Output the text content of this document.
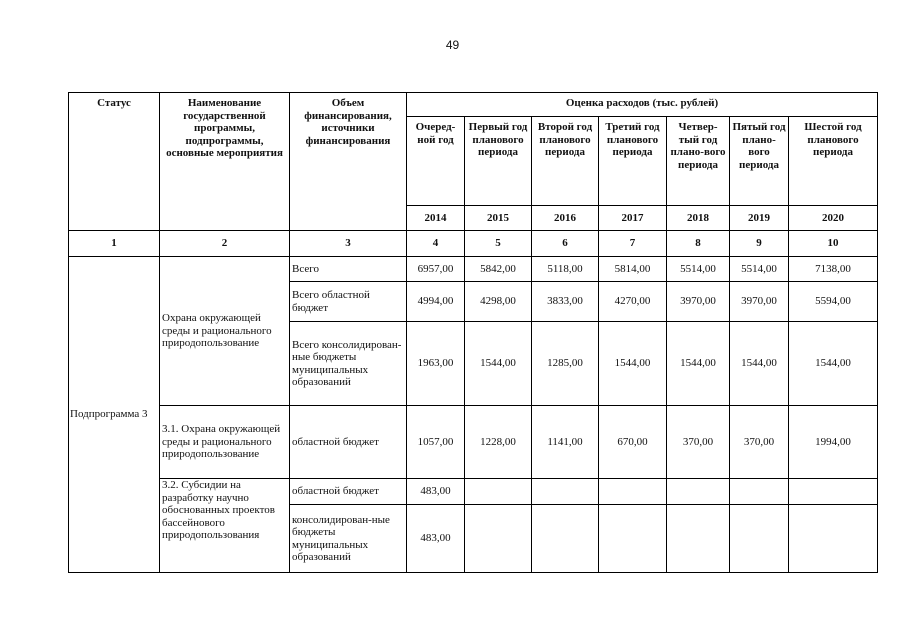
49
Статус	Наименование государственной программы, подпрограммы, основные мероприятия	Объем финансирования, источники финансирования	Оценка расходов (тыс. рублей)						
			Очеред-ной год	Первый год планового периода	Второй год планового периода	Третий год планового периода	Четвер-тый год плано-вого периода	Пятый год плано-вого периода	Шестой год планового периода
			2014	2015	2016	2017	2018	2019	2020
1	2	3	4	5	6	7	8	9	10
Подпрограмма 3	Охрана окружающей среды и рационального природопользование	Всего	6957,00	5842,00	5118,00	5814,00	5514,00	5514,00	7138,00
		Всего областной бюджет	4994,00	4298,00	3833,00	4270,00	3970,00	3970,00	5594,00
		Всего консолидирован-ные бюджеты муниципальных образований	1963,00	1544,00	1285,00	1544,00	1544,00	1544,00	1544,00
	3.1. Охрана окружающей среды и рационального природопользование	областной бюджет	1057,00	1228,00	1141,00	670,00	370,00	370,00	1994,00
	3.2. Субсидии на разработку научно обоснованных проектов бассейнового природопользования	областной бюджет	483,00						
		консолидирован-ные бюджеты муниципальных образований	483,00						
